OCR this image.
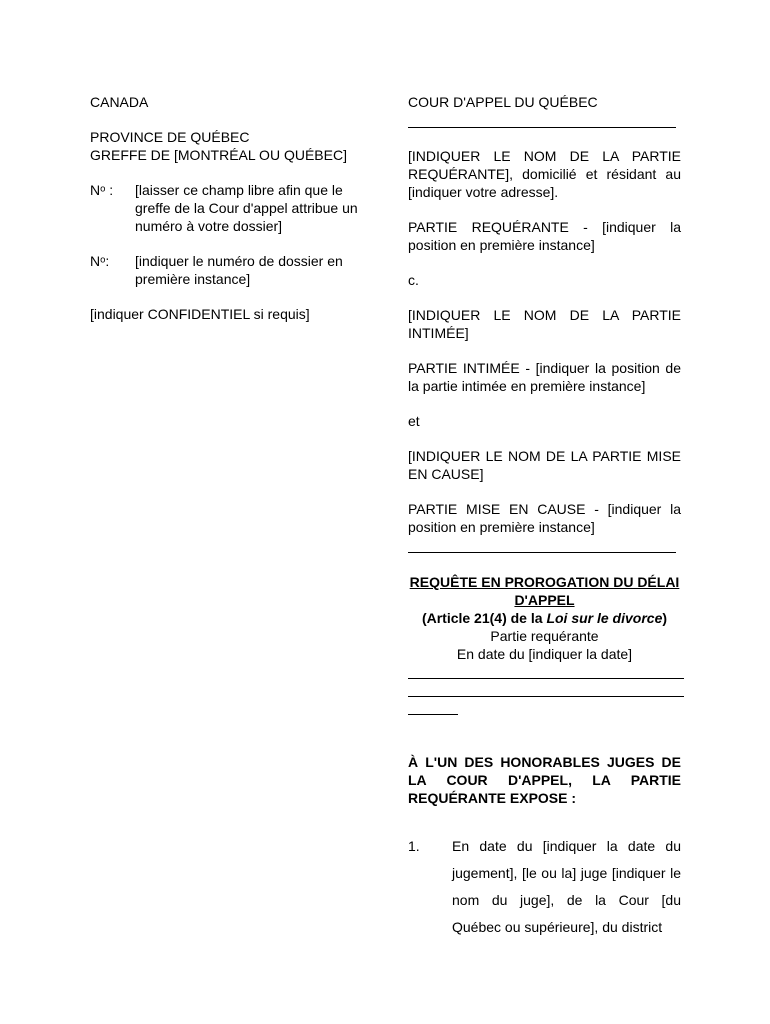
CANADA

PROVINCE DE QUÉBEC

GREFFE DE [MONTRÉAL OU QUÉBEC]

Nᵒ :	[laisser ce champ libre afin que le greffe de la Cour d'appel attribue un numéro à votre dossier]
Nᵒ:	[indiquer le numéro de dossier en première instance]

[indiquer CONFIDENTIEL si requis]

COUR D'APPEL DU QUÉBEC

[INDIQUER LE NOM DE LA PARTIE REQUÉRANTE], domicilié et résidant au [indiquer votre adresse].

PARTIE REQUÉRANTE - [indiquer la position en première instance]

c.

[INDIQUER LE NOM DE LA PARTIE INTIMÉE]

PARTIE INTIMÉE - [indiquer la position de la partie intimée en première instance]

et

[INDIQUER LE NOM DE LA PARTIE MISE EN CAUSE]

PARTIE MISE EN CAUSE - [indiquer la position en première instance]

REQUÊTE EN PROROGATION DU DÉLAI D'APPEL

(Article 21(4) de la Loi sur le divorce)

Partie requérante

En date du [indiquer la date]

À L'UN DES HONORABLES JUGES DE LA COUR D'APPEL, LA PARTIE REQUÉRANTE EXPOSE :

1.	En date du [indiquer la date du jugement], [le ou la] juge [indiquer le nom du juge], de la Cour [du Québec ou supérieure], du district
